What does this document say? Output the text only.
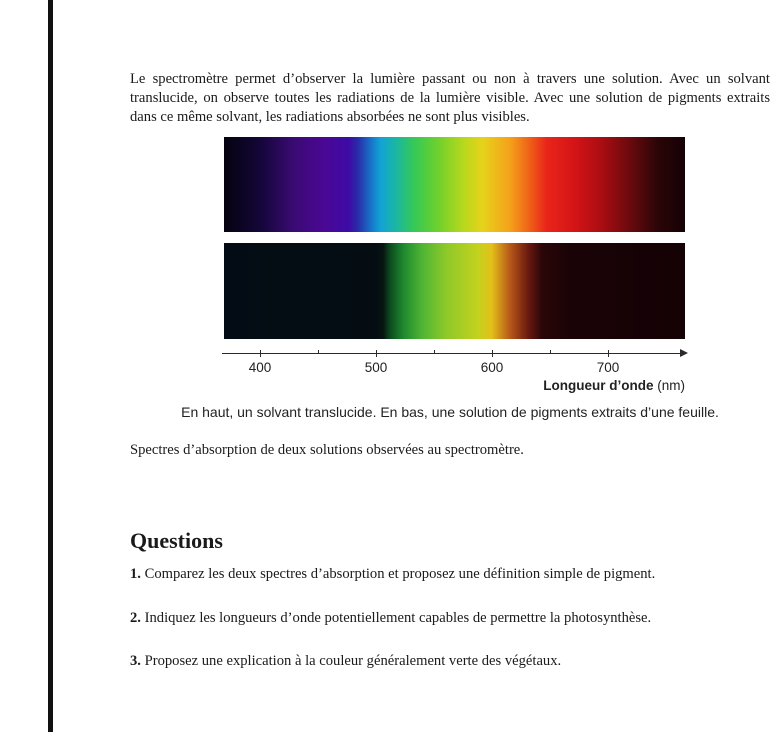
Le spectromètre permet d’observer la lumière passant ou non à travers une solution. Avec un solvant translucide, on observe toutes les radiations de la lumière visible. Avec une solution de pigments extraits dans ce même solvant, les radiations absorbées ne sont plus visibles.

400	500	600	700
Longueur d’onde (nm)
En haut, un solvant translucide. En bas, une solution de pigments extraits d’une feuille.
Spectres d’absorption de deux solutions observées au spectromètre.
Questions
1. Comparez les deux spectres d’absorption et proposez une définition simple de pigment.
2. Indiquez les longueurs d’onde potentiellement capables de permettre la photosynthèse.
3. Proposez une explication à la couleur généralement verte des végétaux.
